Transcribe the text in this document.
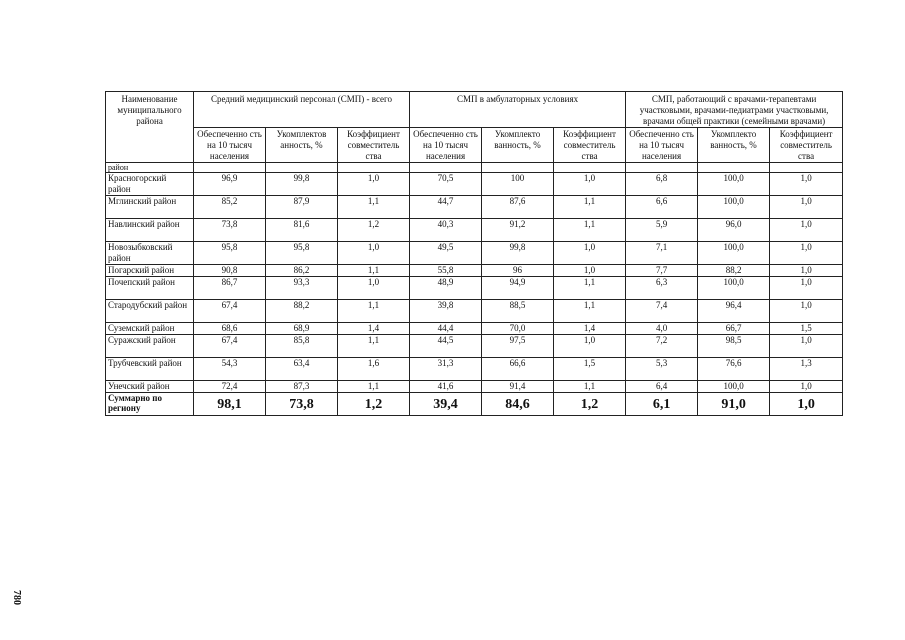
Наименование муниципального района	Средний медицинский персонал (СМП) - всего			СМП в амбулаторных условиях			СМП, работающий с врачами-терапевтами участковыми, врачами-педиатрами участковыми, врачами общей практики (семейными врачами)		
	Обеспеченно сть на 10 тысяч населения	Укомплектов анность, %	Коэффициент совместитель ства	Обеспеченно сть на 10 тысяч населения	Укомплекто ванность, %	Коэффициент совместитель ства	Обеспеченно сть на 10 тысяч населения	Укомплекто ванность, %	Коэффициент совместитель ства
район									
Красногорский район	96,9	99,8	1,0	70,5	100	1,0	6,8	100,0	1,0
Мглинский район	85,2	87,9	1,1	44,7	87,6	1,1	6,6	100,0	1,0
Навлинский район	73,8	81,6	1,2	40,3	91,2	1,1	5,9	96,0	1,0
Новозыбковский район	95,8	95,8	1,0	49,5	99,8	1,0	7,1	100,0	1,0
Погарский район	90,8	86,2	1,1	55,8	96	1,0	7,7	88,2	1,0
Почепский район	86,7	93,3	1,0	48,9	94,9	1,1	6,3	100,0	1,0
Стародубский район	67,4	88,2	1,1	39,8	88,5	1,1	7,4	96,4	1,0
Суземский район	68,6	68,9	1,4	44,4	70,0	1,4	4,0	66,7	1,5
Суражский район	67,4	85,8	1,1	44,5	97,5	1,0	7,2	98,5	1,0
Трубчевский район	54,3	63,4	1,6	31,3	66,6	1,5	5,3	76,6	1,3
Унечский район	72,4	87,3	1,1	41,6	91,4	1,1	6,4	100,0	1,0
Суммарно по региону	98,1	73,8	1,2	39,4	84,6	1,2	6,1	91,0	1,0
780
